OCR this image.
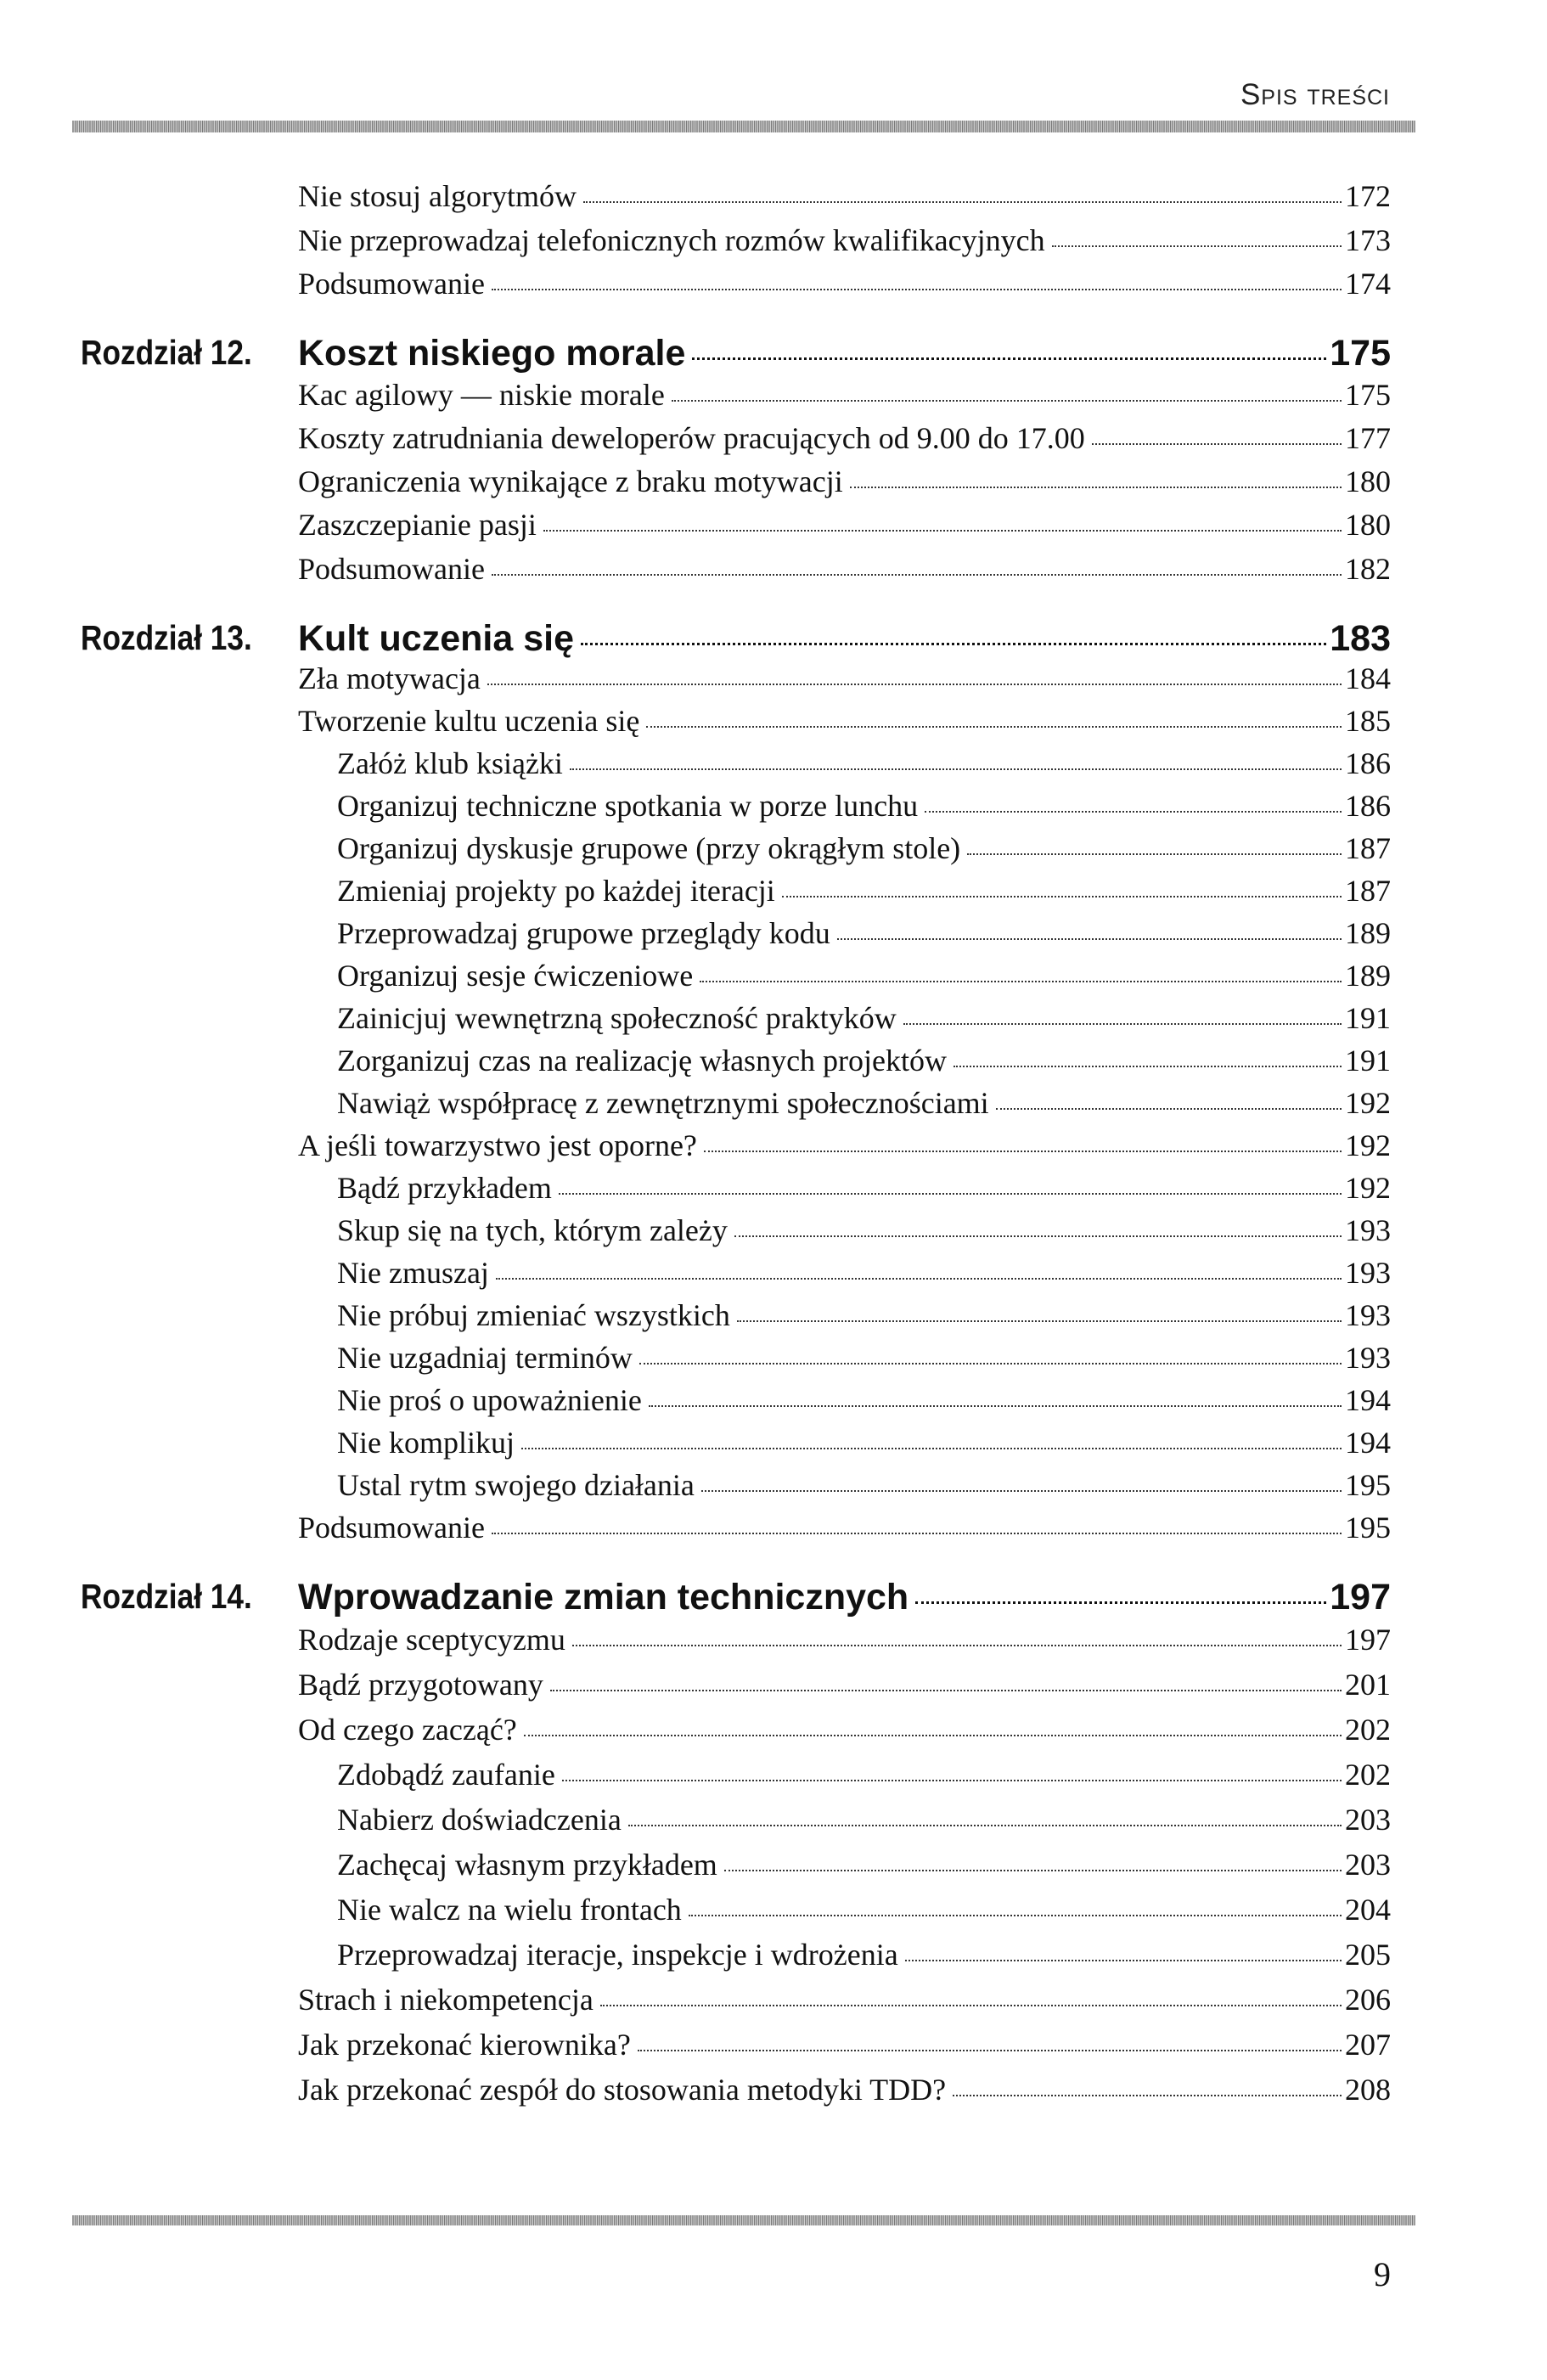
Spis treści
Nie stosuj algorytmów	172
Nie przeprowadzaj telefonicznych rozmów kwalifikacyjnych	173
Podsumowanie	174
Rozdział 12. Koszt niskiego morale	175
Kac agilowy — niskie morale	175
Koszty zatrudniania deweloperów pracujących od 9.00 do 17.00	177
Ograniczenia wynikające z braku motywacji	180
Zaszczepianie pasji	180
Podsumowanie	182
Rozdział 13. Kult uczenia się	183
Zła motywacja	184
Tworzenie kultu uczenia się	185
Załóż klub książki	186
Organizuj techniczne spotkania w porze lunchu	186
Organizuj dyskusje grupowe (przy okrągłym stole)	187
Zmieniaj projekty po każdej iteracji	187
Przeprowadzaj grupowe przeglądy kodu	189
Organizuj sesje ćwiczeniowe	189
Zainicjuj wewnętrzną społeczność praktyków	191
Zorganizuj czas na realizację własnych projektów	191
Nawiąż współpracę z zewnętrznymi społecznościami	192
A jeśli towarzystwo jest oporne?	192
Bądź przykładem	192
Skup się na tych, którym zależy	193
Nie zmuszaj	193
Nie próbuj zmieniać wszystkich	193
Nie uzgadniaj terminów	193
Nie proś o upoważnienie	194
Nie komplikuj	194
Ustal rytm swojego działania	195
Podsumowanie	195
Rozdział 14. Wprowadzanie zmian technicznych	197
Rodzaje sceptycyzmu	197
Bądź przygotowany	201
Od czego zacząć?	202
Zdobądź zaufanie	202
Nabierz doświadczenia	203
Zachęcaj własnym przykładem	203
Nie walcz na wielu frontach	204
Przeprowadzaj iteracje, inspekcje i wdrożenia	205
Strach i niekompetencja	206
Jak przekonać kierownika?	207
Jak przekonać zespół do stosowania metodyki TDD?	208
9
